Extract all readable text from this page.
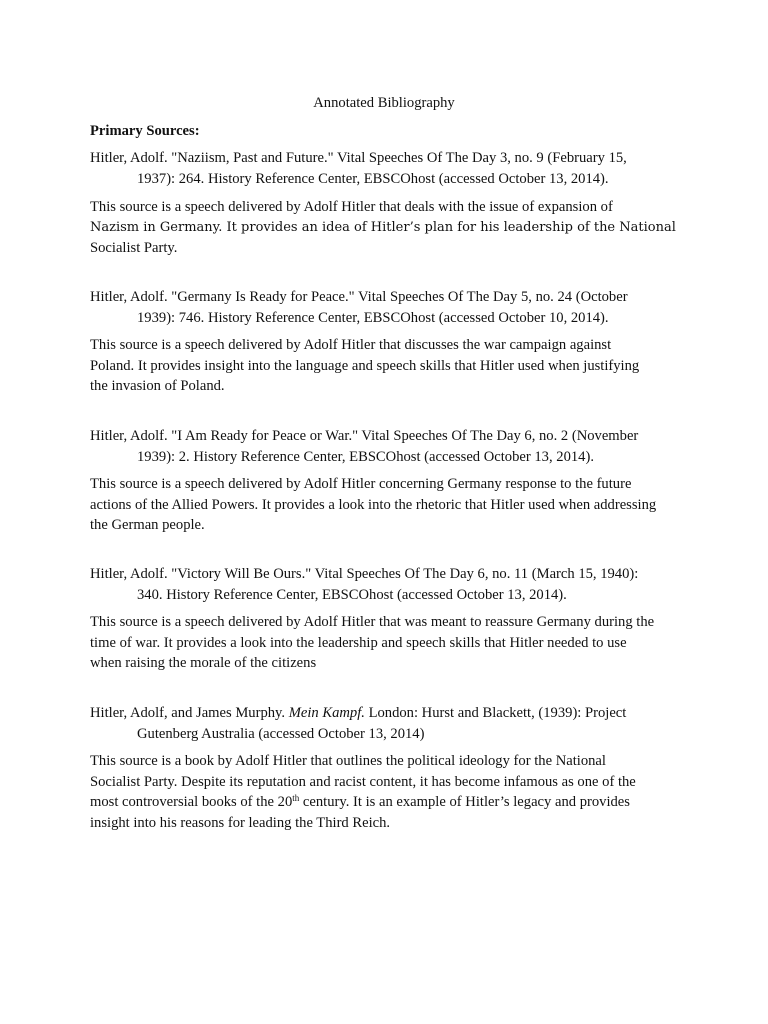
Annotated Bibliography
Primary Sources:
Hitler, Adolf. "Naziism, Past and Future." Vital Speeches Of The Day 3, no. 9 (February 15,
1937): 264. History Reference Center, EBSCOhost (accessed October 13, 2014).
This source is a speech delivered by Adolf Hitler that deals with the issue of expansion of
Nazism in Germany. It provides an idea of Hitler’s plan for his leadership of the National
Socialist Party.
Hitler, Adolf. "Germany Is Ready for Peace." Vital Speeches Of The Day 5, no. 24 (October
1939): 746. History Reference Center, EBSCOhost (accessed October 10, 2014).
This source is a speech delivered by Adolf Hitler that discusses the war campaign against
Poland. It provides insight into the language and speech skills that Hitler used when justifying
the invasion of Poland.
Hitler, Adolf. "I Am Ready for Peace or War." Vital Speeches Of The Day 6, no. 2 (November
1939): 2. History Reference Center, EBSCOhost (accessed October 13, 2014).
This source is a speech delivered by Adolf Hitler concerning Germany response to the future
actions of the Allied Powers. It provides a look into the rhetoric that Hitler used when addressing
the German people.
Hitler, Adolf. "Victory Will Be Ours." Vital Speeches Of The Day 6, no. 11 (March 15, 1940):
340. History Reference Center, EBSCOhost (accessed October 13, 2014).
This source is a speech delivered by Adolf Hitler that was meant to reassure Germany during the
time of war. It provides a look into the leadership and speech skills that Hitler needed to use
when raising the morale of the citizens
Hitler, Adolf, and James Murphy. Mein Kampf. London: Hurst and Blackett, (1939): Project
Gutenberg Australia (accessed October 13, 2014)
This source is a book by Adolf Hitler that outlines the political ideology for the National
Socialist Party. Despite its reputation and racist content, it has become infamous as one of the
most controversial books of the 20th century. It is an example of Hitler’s legacy and provides
insight into his reasons for leading the Third Reich.
